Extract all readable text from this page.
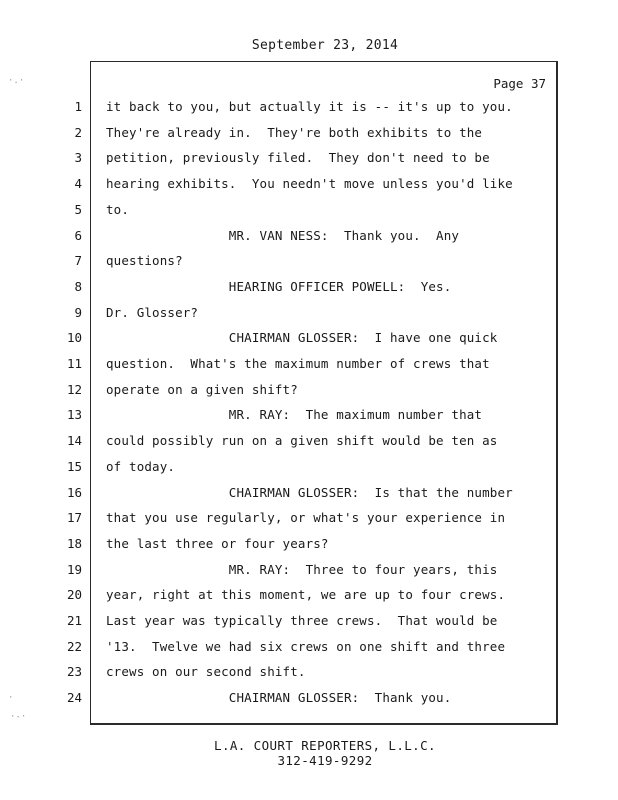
September 23, 2014
Page 37
1 it back to you, but actually it is -- it's up to you.
2 They're already in.  They're both exhibits to the
3 petition, previously filed.  They don't need to be
4 hearing exhibits.  You needn't move unless you'd like
5 to.
6 MR. VAN NESS:  Thank you.  Any
7 questions?
8 HEARING OFFICER POWELL:  Yes.
9 Dr. Glosser?
10 CHAIRMAN GLOSSER:  I have one quick
11 question.  What's the maximum number of crews that
12 operate on a given shift?
13 MR. RAY:  The maximum number that
14 could possibly run on a given shift would be ten as
15 of today.
16 CHAIRMAN GLOSSER:  Is that the number
17 that you use regularly, or what's your experience in
18 the last three or four years?
19 MR. RAY:  Three to four years, this
20 year, right at this moment, we are up to four crews.
21 Last year was typically three crews.  That would be
22 '13.  Twelve we had six crews on one shift and three
23 crews on our second shift.
24 CHAIRMAN GLOSSER:  Thank you.
L.A. COURT REPORTERS, L.L.C.
312-419-9292
·.·
·
·-·
